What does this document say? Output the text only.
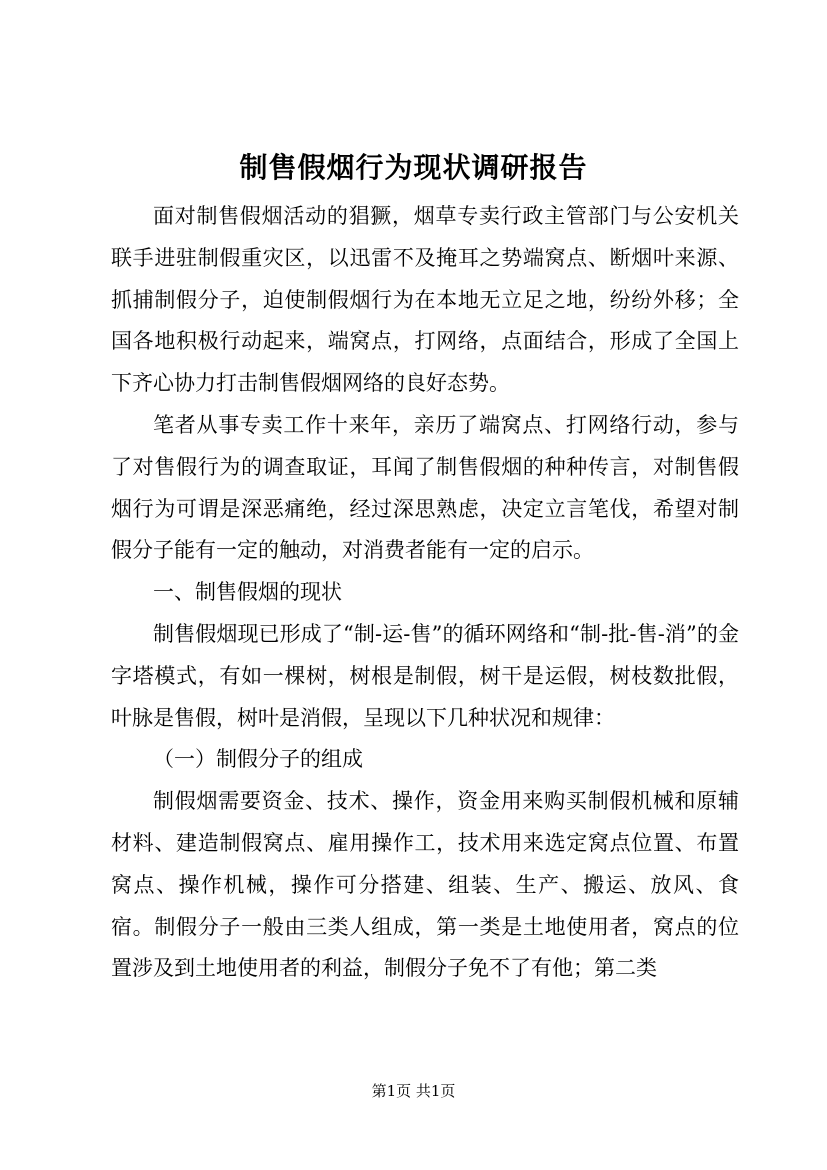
制售假烟行为现状调研报告

面对制售假烟活动的猖獗，烟草专卖行政主管部门与公安机关联手进驻制假重灾区，以迅雷不及掩耳之势端窝点、断烟叶来源、抓捕制假分子，迫使制假烟行为在本地无立足之地，纷纷外移；全国各地积极行动起来，端窝点，打网络，点面结合，形成了全国上下齐心协力打击制售假烟网络的良好态势。

笔者从事专卖工作十来年，亲历了端窝点、打网络行动，参与了对售假行为的调查取证，耳闻了制售假烟的种种传言，对制售假烟行为可谓是深恶痛绝，经过深思熟虑，决定立言笔伐，希望对制假分子能有一定的触动，对消费者能有一定的启示。

一、制售假烟的现状

制售假烟现已形成了“制-运-售”的循环网络和“制-批-售-消”的金字塔模式，有如一棵树，树根是制假，树干是运假，树枝数批假，叶脉是售假，树叶是消假，呈现以下几种状况和规律：

（一）制假分子的组成

制假烟需要资金、技术、操作，资金用来购买制假机械和原辅材料、建造制假窝点、雇用操作工，技术用来选定窝点位置、布置窝点、操作机械，操作可分搭建、组装、生产、搬运、放风、食宿。制假分子一般由三类人组成，第一类是土地使用者，窝点的位置涉及到土地使用者的利益，制假分子免不了有他；第二类

第1页 共1页
